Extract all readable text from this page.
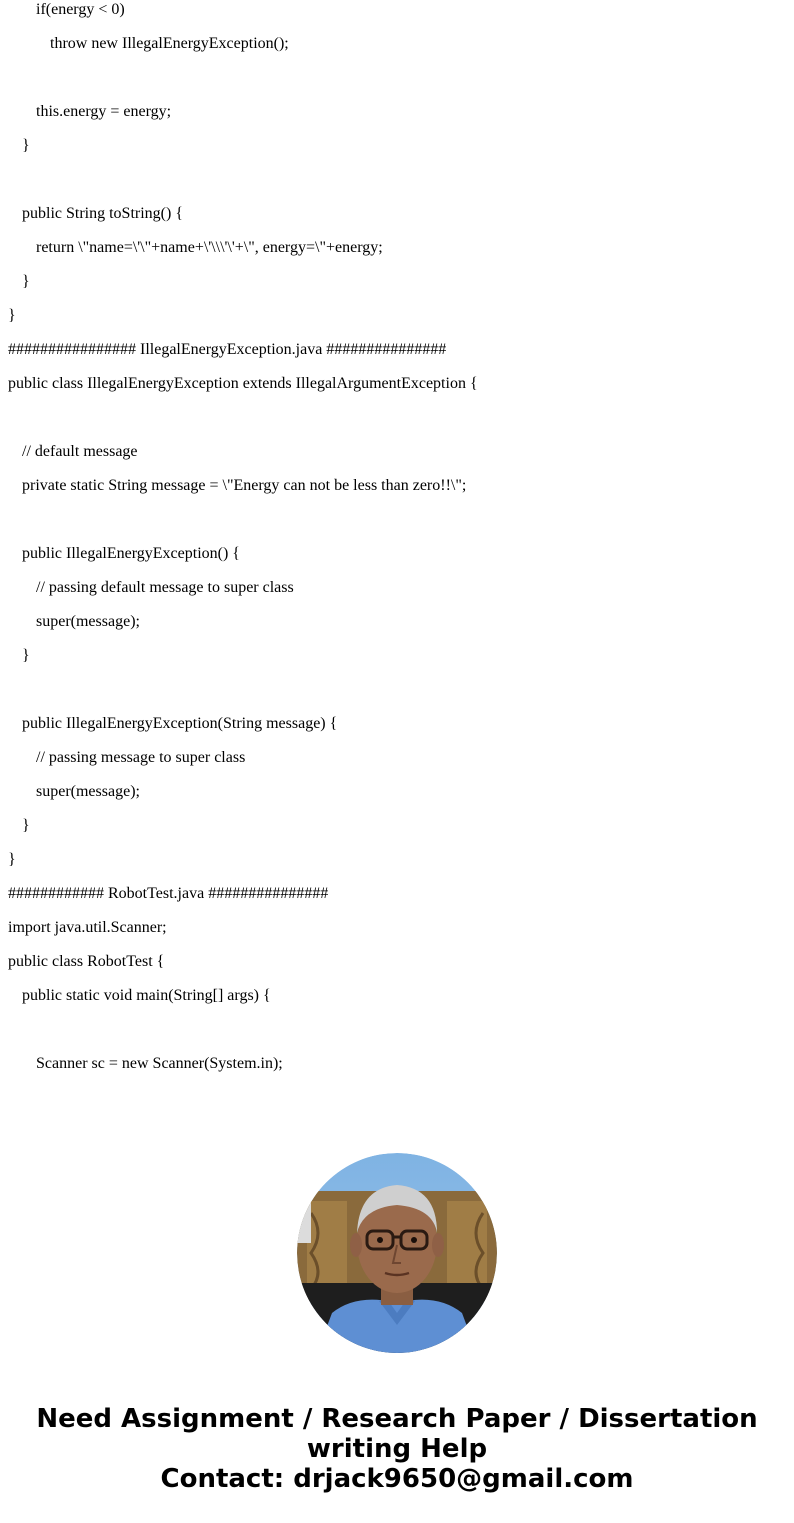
if(energy < 0)
throw new IllegalEnergyException();
this.energy = energy;
}
public String toString() {
return \"name=\'\"+name+\'\\\'\'+\", energy=\"+energy;
}
}
################ IllegalEnergyException.java ###############
public class IllegalEnergyException extends IllegalArgumentException {
// default message
private static String message = \"Energy can not be less than zero!!\";
public IllegalEnergyException() {
// passing default message to super class
super(message);
}
public IllegalEnergyException(String message) {
// passing message to super class
super(message);
}
}
############ RobotTest.java ###############
import java.util.Scanner;
public class RobotTest {
public static void main(String[] args) {
Scanner sc = new Scanner(System.in);
Need Assignment / Research Paper / Dissertation
writing Help
Contact: drjack9650@gmail.com
